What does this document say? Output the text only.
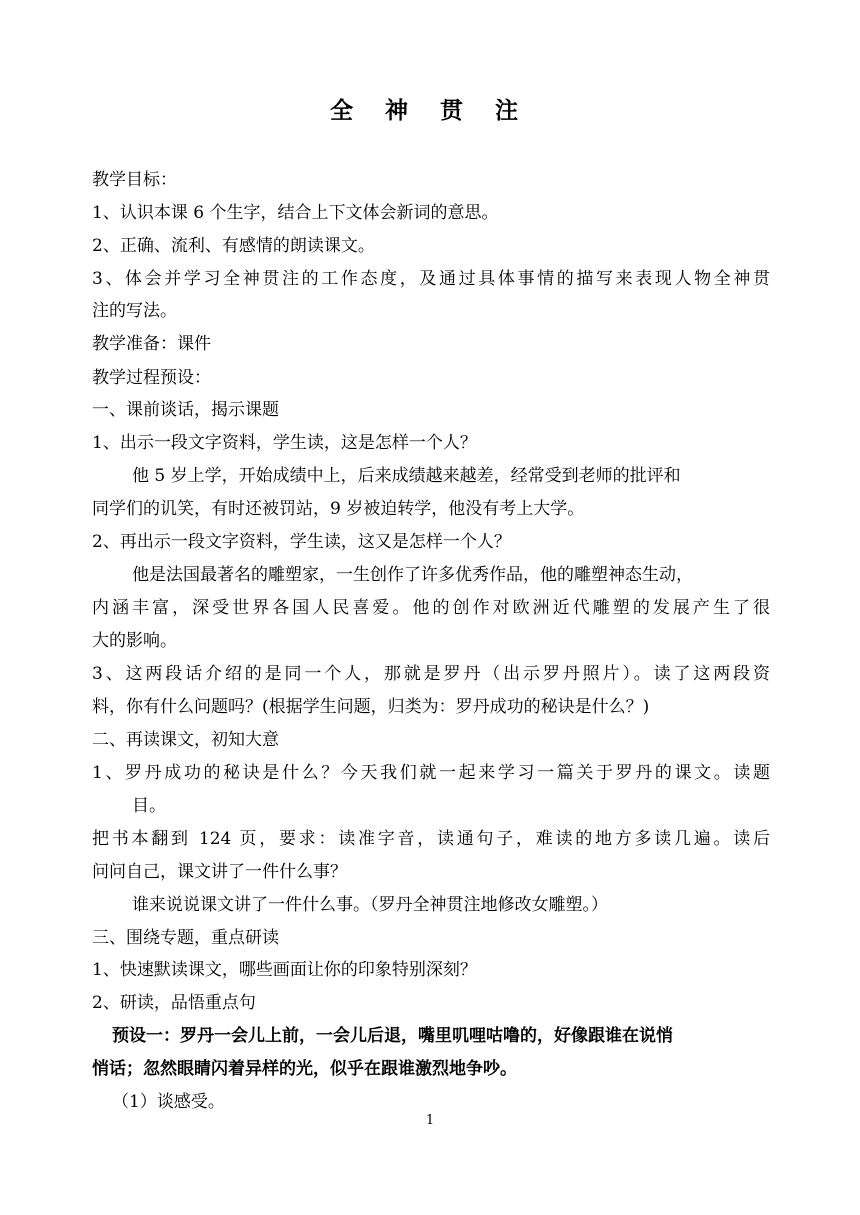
全 神 贯 注
教学目标：
1、认识本课 6 个生字，结合上下文体会新词的意思。
2、正确、流利、有感情的朗读课文。
3、体会并学习全神贯注的工作态度，及通过具体事情的描写来表现人物全神贯
注的写法。
教学准备：课件
教学过程预设：
一、课前谈话，揭示课题
1、出示一段文字资料，学生读，这是怎样一个人？
他 5 岁上学，开始成绩中上，后来成绩越来越差，经常受到老师的批评和
同学们的讥笑，有时还被罚站，9 岁被迫转学，他没有考上大学。
2、再出示一段文字资料，学生读，这又是怎样一个人？
他是法国最著名的雕塑家，一生创作了许多优秀作品，他的雕塑神态生动，
内涵丰富，深受世界各国人民喜爱。他的创作对欧洲近代雕塑的发展产生了很
大的影响。
3、这两段话介绍的是同一个人，那就是罗丹（出示罗丹照片）。读了这两段资
料，你有什么问题吗？(根据学生问题，归类为：罗丹成功的秘诀是什么？)
二、再读课文，初知大意
1、罗丹成功的秘诀是什么？今天我们就一起来学习一篇关于罗丹的课文。读题
目。
把书本翻到 124 页，要求：读准字音，读通句子，难读的地方多读几遍。读后
问问自己，课文讲了一件什么事？
谁来说说课文讲了一件什么事。（罗丹全神贯注地修改女雕塑。）
三、围绕专题，重点研读
1、快速默读课文，哪些画面让你的印象特别深刻？
2、研读，品悟重点句
预设一：罗丹一会儿上前，一会儿后退，嘴里叽哩咕噜的，好像跟谁在说悄
悄话；忽然眼睛闪着异样的光，似乎在跟谁激烈地争吵。
（1）谈感受。
1
